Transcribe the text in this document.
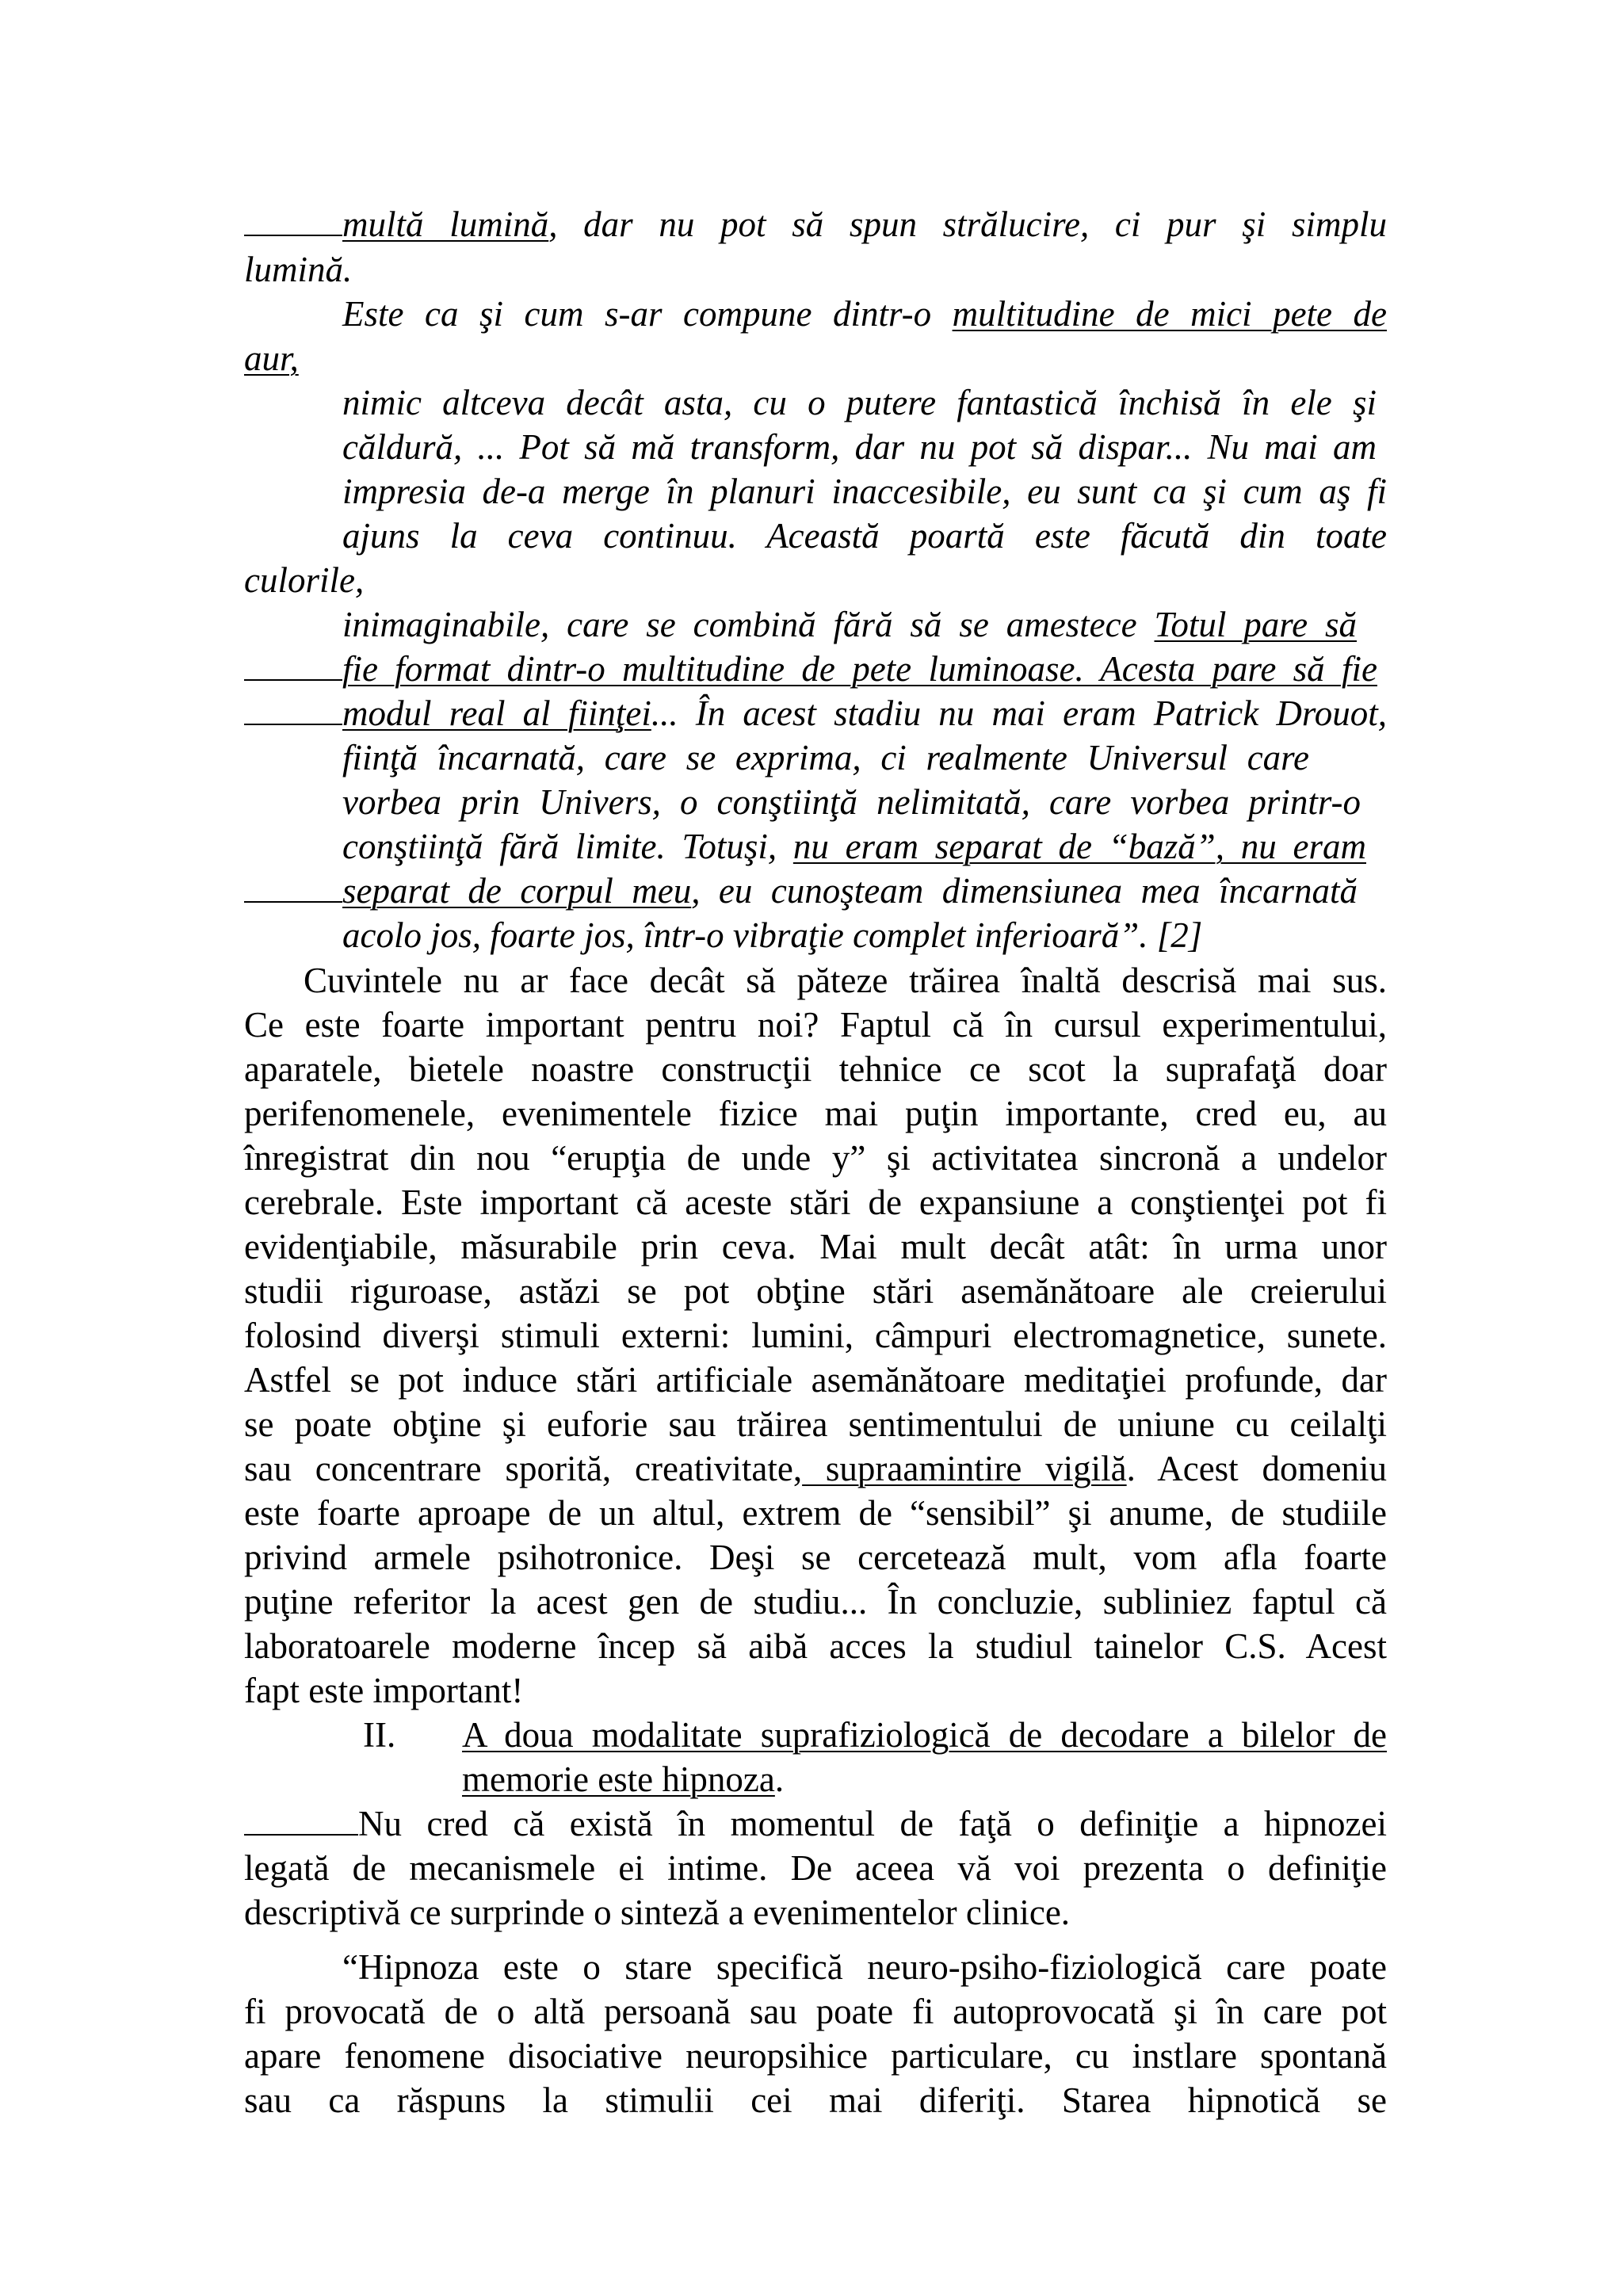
multă lumină, dar nu pot să spun strălucire, ci pur şi simplu
lumină.
Este ca şi cum s-ar compune dintr-o multitudine de mici pete de
aur,
nimic altceva decât asta, cu o putere fantastică închisă în ele şi
căldură, ... Pot să mă transform, dar nu pot să dispar... Nu mai am
impresia de-a merge în planuri inaccesibile, eu sunt ca şi cum aş fi
ajuns la ceva continuu. Această poartă este făcută din toate
culorile,
inimaginabile, care se combină fără să se amestece Totul pare să
fie format dintr-o multitudine de pete luminoase. Acesta pare să fie
modul real al fiinţei... În acest stadiu nu mai eram Patrick Drouot,
fiinţă încarnată, care se exprima, ci realmente Universul care
vorbea prin Univers, o conştiinţă nelimitată, care vorbea printr-o
conştiinţă fără limite. Totuşi, nu eram separat de “bază”, nu eram
separat de corpul meu, eu cunoşteam dimensiunea mea încarnată
acolo jos, foarte jos, într-o vibraţie complet inferioară”. [2]
Cuvintele nu ar face decât să păteze trăirea înaltă descrisă mai sus.
Ce este foarte important pentru noi? Faptul că în cursul experimentului,
aparatele, bietele noastre construcţii tehnice ce scot la suprafaţă doar
perifenomenele, evenimentele fizice mai puţin importante, cred eu, au
înregistrat din nou “erupţia de unde y” şi activitatea sincronă a undelor
cerebrale. Este important că aceste stări de expansiune a conştienţei pot fi
evidenţiabile, măsurabile prin ceva. Mai mult decât atât: în urma unor
studii riguroase, astăzi se pot obţine stări asemănătoare ale creierului
folosind diverşi stimuli externi: lumini, câmpuri electromagnetice, sunete.
Astfel se pot induce stări artificiale asemănătoare meditaţiei profunde, dar
se poate obţine şi euforie sau trăirea sentimentului de uniune cu ceilalţi
sau concentrare sporită, creativitate, supraamintire vigilă. Acest domeniu
este foarte aproape de un altul, extrem de “sensibil” şi anume, de studiile
privind armele psihotronice. Deşi se cercetează mult, vom afla foarte
puţine referitor la acest gen de studiu... În concluzie, subliniez faptul că
laboratoarele moderne încep să aibă acces la studiul tainelor C.S. Acest
fapt este important!
II. A doua modalitate suprafiziologică de decodare a bilelor de
memorie este hipnoza.
Nu cred că există în momentul de faţă o definiţie a hipnozei
legată de mecanismele ei intime. De aceea vă voi prezenta o definiţie
descriptivă ce surprinde o sinteză a evenimentelor clinice.
“Hipnoza este o stare specifică neuro-psiho-fiziologică care poate
fi provocată de o altă persoană sau poate fi autoprovocată şi în care pot
apare fenomene disociative neuropsihice particulare, cu instlare spontană
sau ca răspuns la stimulii cei mai diferiţi. Starea hipnotică se
